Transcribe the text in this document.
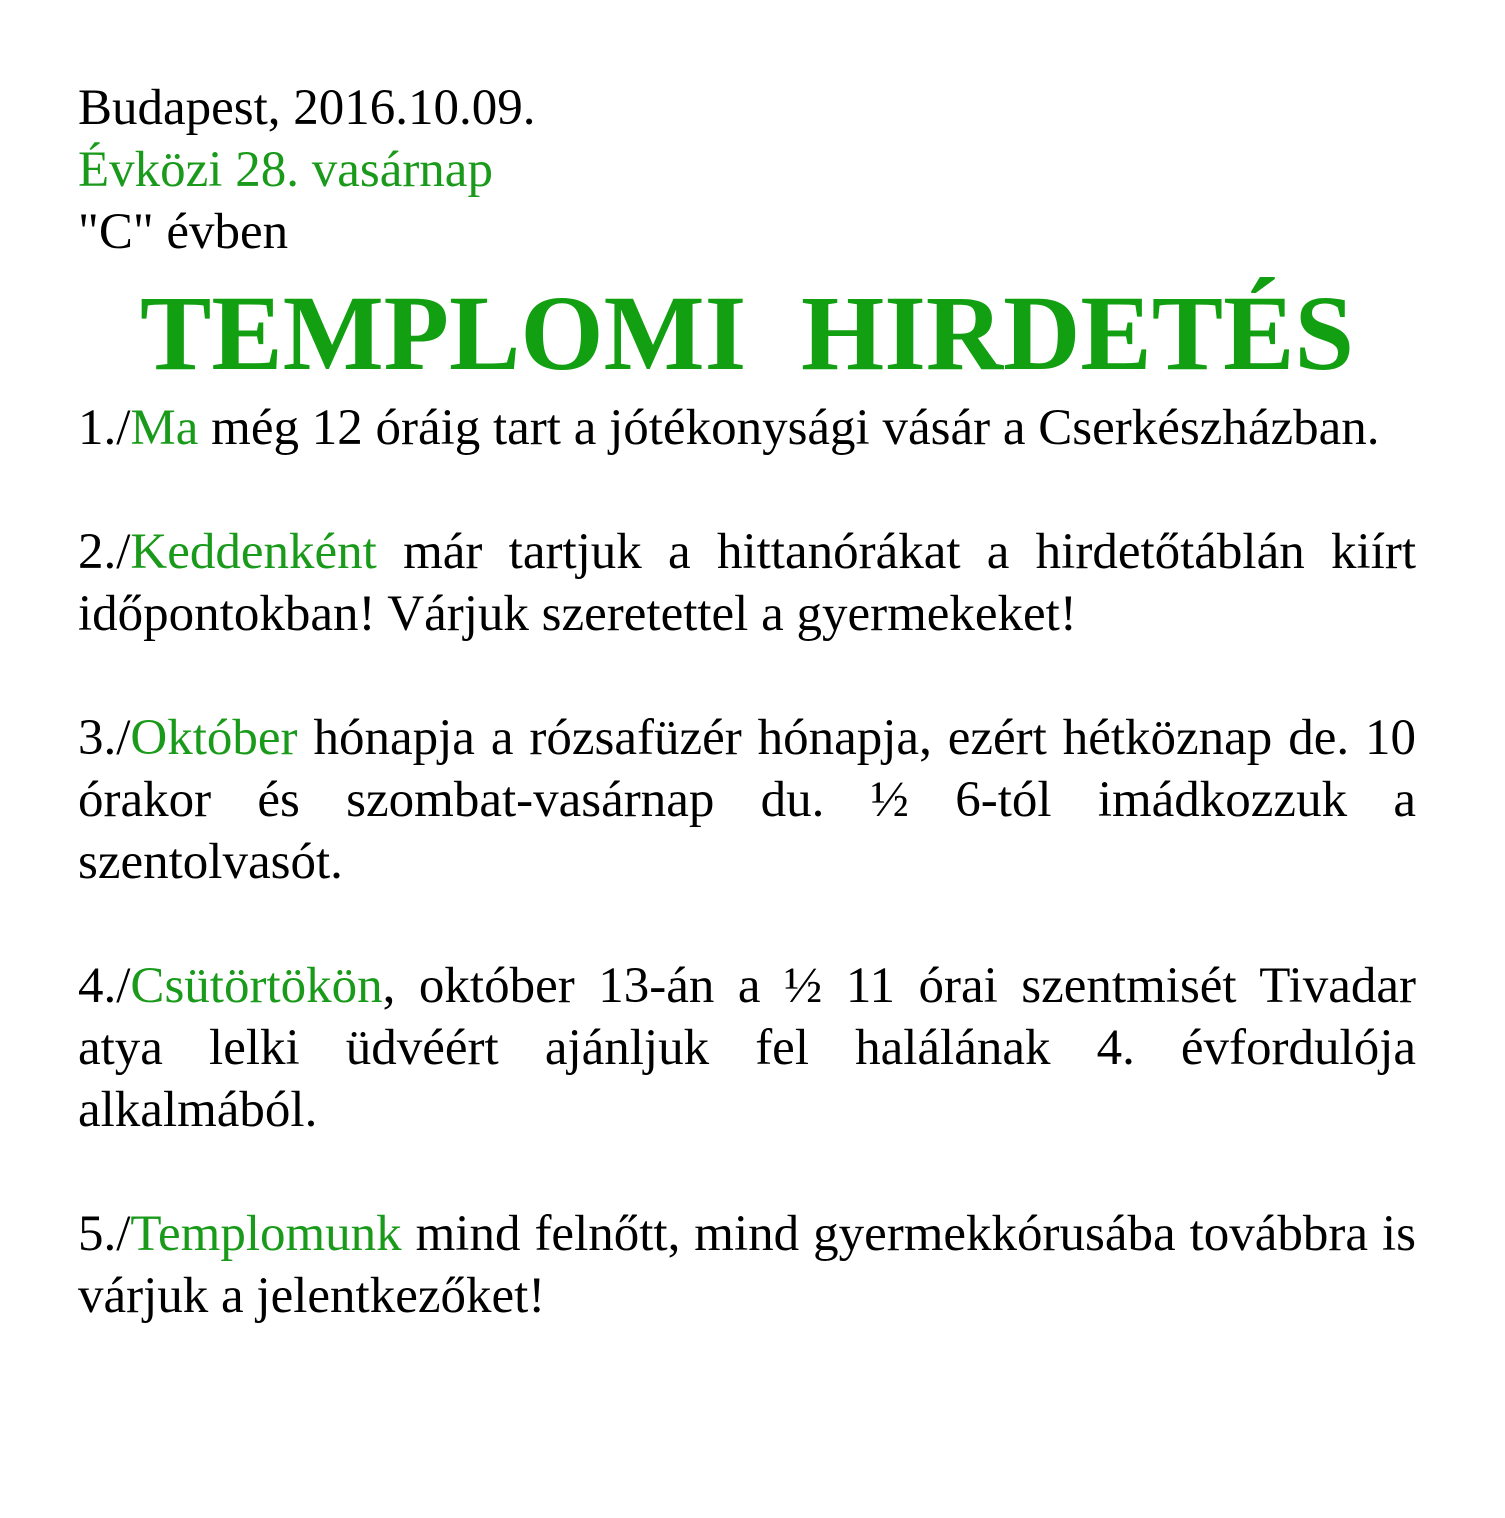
Budapest, 2016.10.09.
Évközi 28. vasárnap
"C" évben
TEMPLOMI HIRDETÉS
1./Ma még 12 óráig tart a jótékonysági vásár a Cserkészházban.
2./Keddenként már tartjuk a hittanórákat a hirdetőtáblán kiírt időpontokban! Várjuk szeretettel a gyermekeket!
3./Október hónapja a rózsafüzér hónapja, ezért hétköznap de. 10 órakor és szombat-vasárnap du. ½ 6-tól imádkozzuk a szentolvasót.
4./Csütörtökön, október 13-án a ½ 11 órai szentmisét Tivadar atya lelki üdvéért ajánljuk fel halálának 4. évfordulója alkalmából.
5./Templomunk mind felnőtt, mind gyermekkórusába továbbra is várjuk a jelentkezőket!
